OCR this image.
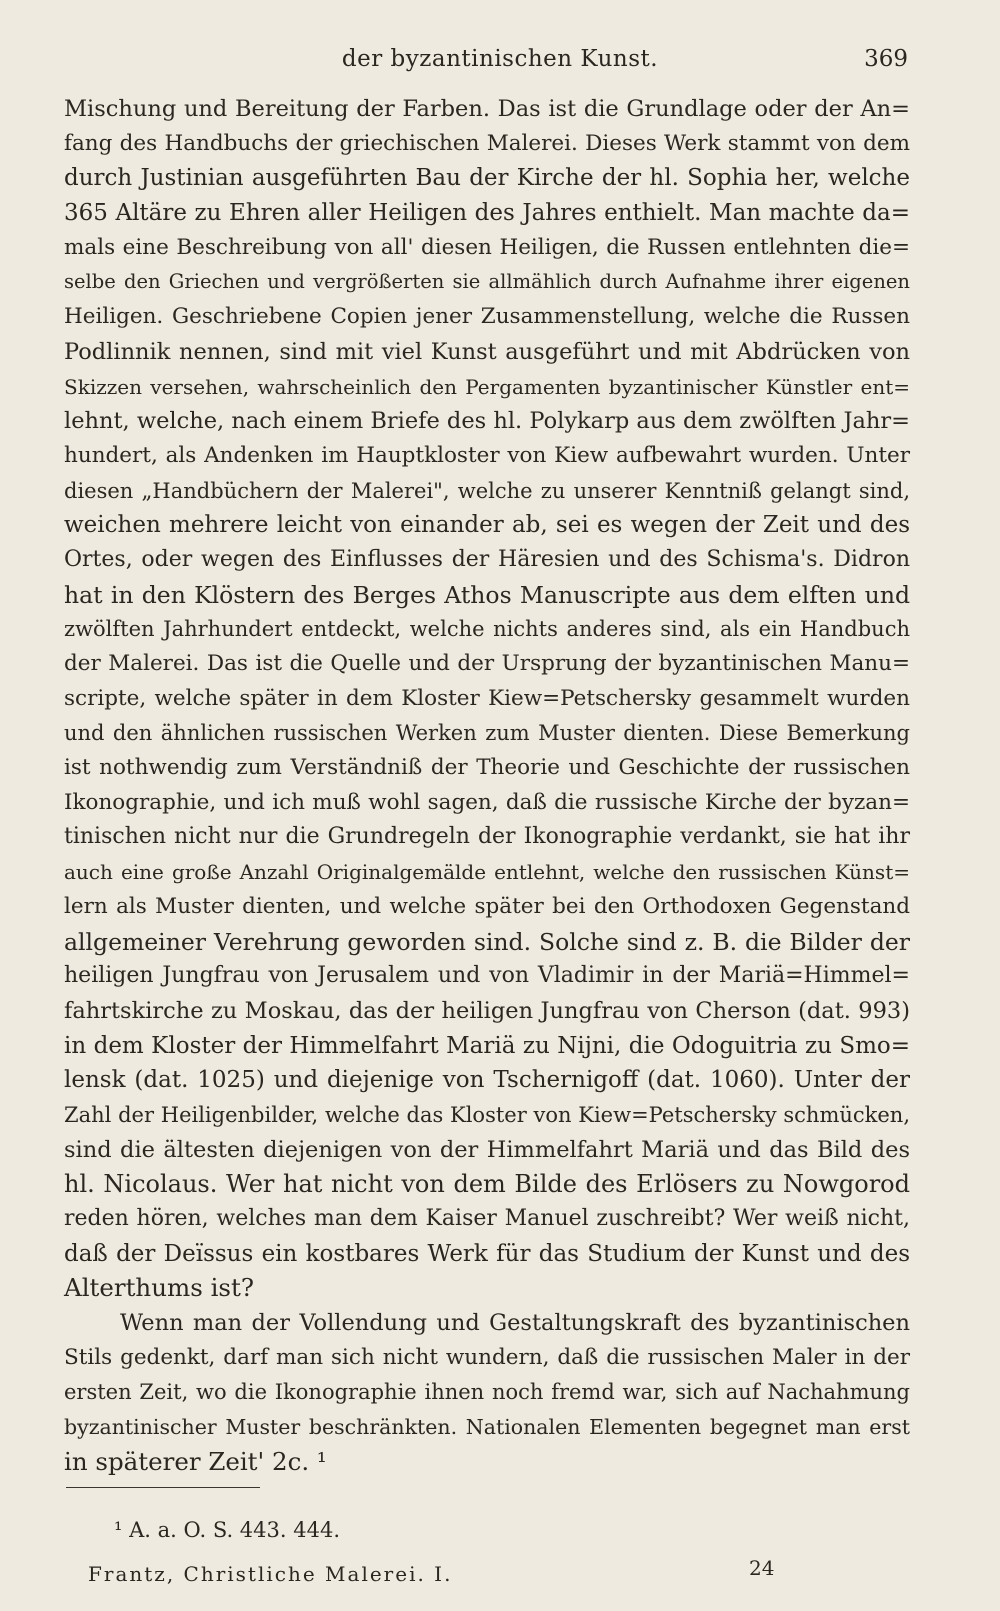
der byzantinischen Kunst.	369
Mischung und Bereitung der Farben. Das ist die Grundlage oder der An=
fang des Handbuchs der griechischen Malerei. Dieses Werk stammt von dem
durch Justinian ausgeführten Bau der Kirche der hl. Sophia her, welche
365 Altäre zu Ehren aller Heiligen des Jahres enthielt. Man machte da=
mals eine Beschreibung von all' diesen Heiligen, die Russen entlehnten die=
selbe den Griechen und vergrößerten sie allmählich durch Aufnahme ihrer eigenen
Heiligen. Geschriebene Copien jener Zusammenstellung, welche die Russen
Podlinnik nennen, sind mit viel Kunst ausgeführt und mit Abdrücken von
Skizzen versehen, wahrscheinlich den Pergamenten byzantinischer Künstler ent=
lehnt, welche, nach einem Briefe des hl. Polykarp aus dem zwölften Jahr=
hundert, als Andenken im Hauptkloster von Kiew aufbewahrt wurden. Unter
diesen „Handbüchern der Malerei", welche zu unserer Kenntniß gelangt sind,
weichen mehrere leicht von einander ab, sei es wegen der Zeit und des
Ortes, oder wegen des Einflusses der Häresien und des Schisma's. Didron
hat in den Klöstern des Berges Athos Manuscripte aus dem elften und
zwölften Jahrhundert entdeckt, welche nichts anderes sind, als ein Handbuch
der Malerei. Das ist die Quelle und der Ursprung der byzantinischen Manu=
scripte, welche später in dem Kloster Kiew=Petschersky gesammelt wurden
und den ähnlichen russischen Werken zum Muster dienten. Diese Bemerkung
ist nothwendig zum Verständniß der Theorie und Geschichte der russischen
Ikonographie, und ich muß wohl sagen, daß die russische Kirche der byzan=
tinischen nicht nur die Grundregeln der Ikonographie verdankt, sie hat ihr
auch eine große Anzahl Originalgemälde entlehnt, welche den russischen Künst=
lern als Muster dienten, und welche später bei den Orthodoxen Gegenstand
allgemeiner Verehrung geworden sind. Solche sind z. B. die Bilder der
heiligen Jungfrau von Jerusalem und von Vladimir in der Mariä=Himmel=
fahrtskirche zu Moskau, das der heiligen Jungfrau von Cherson (dat. 993)
in dem Kloster der Himmelfahrt Mariä zu Nijni, die Odoguitria zu Smo=
lensk (dat. 1025) und diejenige von Tschernigoff (dat. 1060). Unter der
Zahl der Heiligenbilder, welche das Kloster von Kiew=Petschersky schmücken,
sind die ältesten diejenigen von der Himmelfahrt Mariä und das Bild des
hl. Nicolaus. Wer hat nicht von dem Bilde des Erlösers zu Nowgorod
reden hören, welches man dem Kaiser Manuel zuschreibt? Wer weiß nicht,
daß der Deïssus ein kostbares Werk für das Studium der Kunst und des
Alterthums ist?
Wenn man der Vollendung und Gestaltungskraft des byzantinischen
Stils gedenkt, darf man sich nicht wundern, daß die russischen Maler in der
ersten Zeit, wo die Ikonographie ihnen noch fremd war, sich auf Nachahmung
byzantinischer Muster beschränkten. Nationalen Elementen begegnet man erst
in späterer Zeit' 2c. ¹
¹ A. a. O. S. 443. 444.
Frantz, Christliche Malerei. I.	24
